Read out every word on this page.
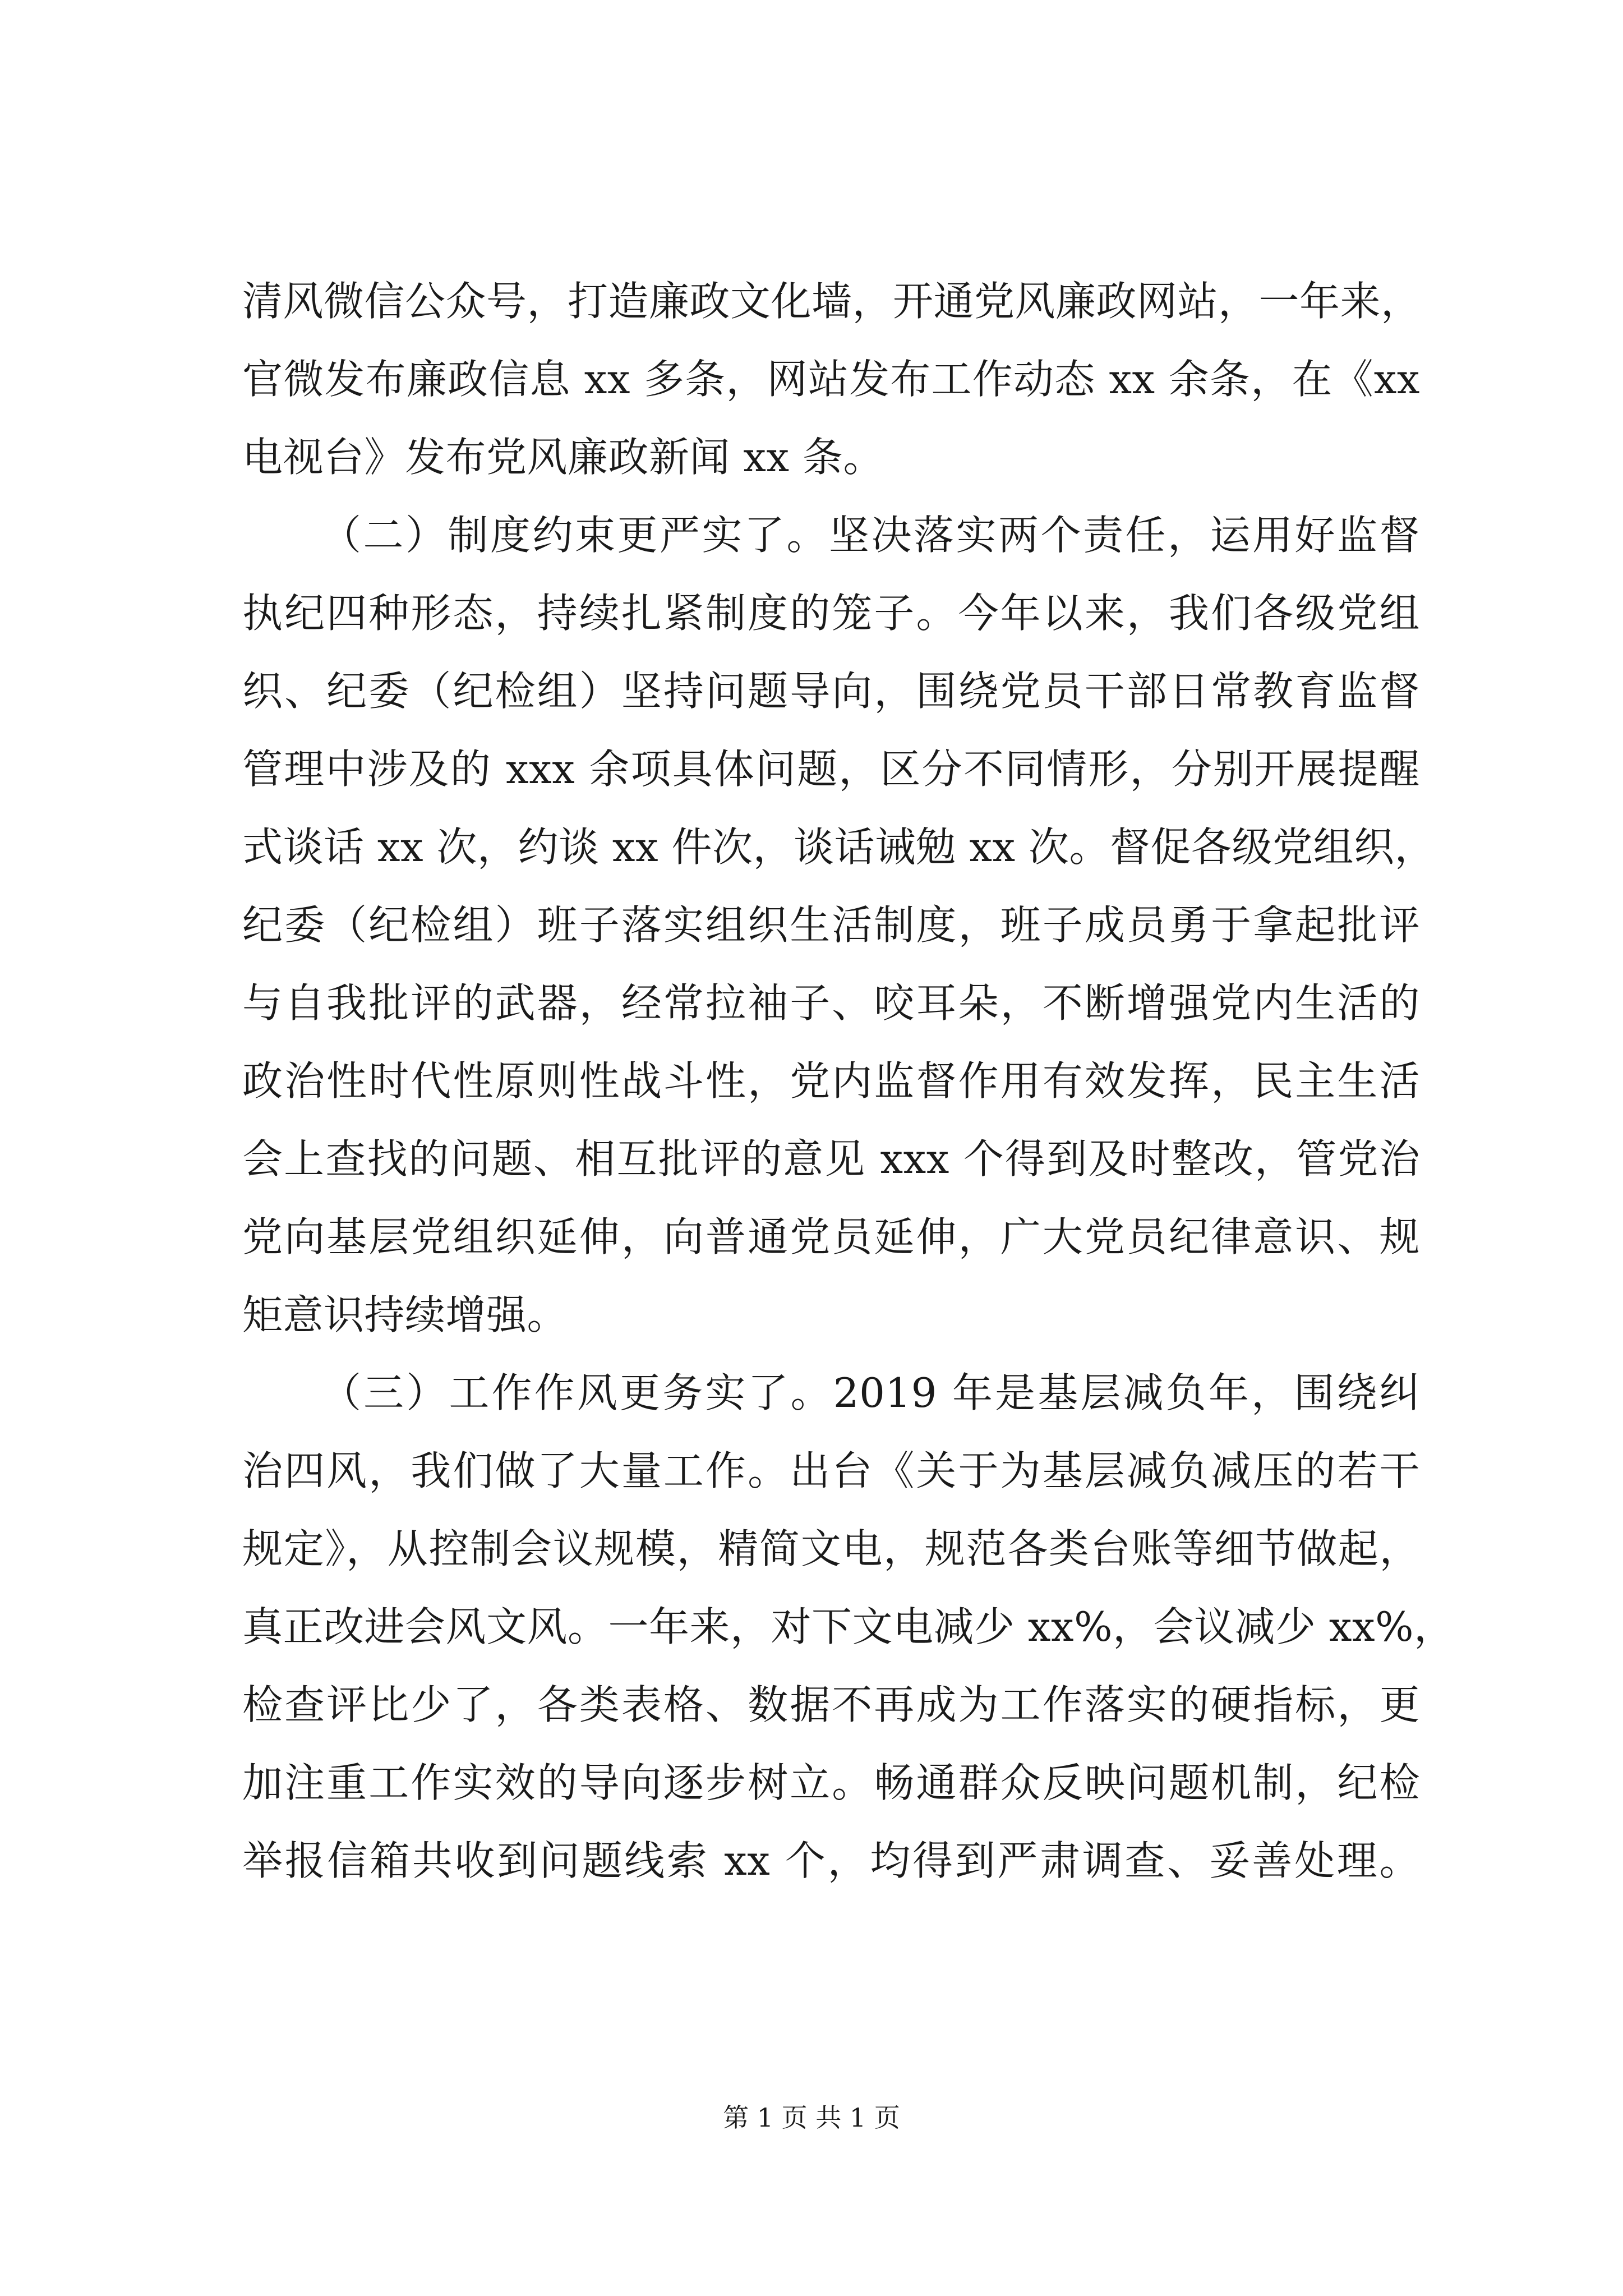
清风微信公众号，打造廉政文化墙，开通党风廉政网站，一年来，
官微发布廉政信息 xx 多条，网站发布工作动态 xx 余条，在《xx
电视台》发布党风廉政新闻 xx 条。
（二）制度约束更严实了。坚决落实两个责任，运用好监督
执纪四种形态，持续扎紧制度的笼子。今年以来，我们各级党组
织、纪委（纪检组）坚持问题导向，围绕党员干部日常教育监督
管理中涉及的 xxx 余项具体问题，区分不同情形，分别开展提醒
式谈话 xx 次，约谈 xx 件次，谈话诫勉 xx 次。督促各级党组织，
纪委（纪检组）班子落实组织生活制度，班子成员勇于拿起批评
与自我批评的武器，经常拉袖子、咬耳朵，不断增强党内生活的
政治性时代性原则性战斗性，党内监督作用有效发挥，民主生活
会上查找的问题、相互批评的意见 xxx 个得到及时整改，管党治
党向基层党组织延伸，向普通党员延伸，广大党员纪律意识、规
矩意识持续增强。
（三）工作作风更务实了。2019 年是基层减负年，围绕纠
治四风，我们做了大量工作。出台《关于为基层减负减压的若干
规定》，从控制会议规模，精简文电，规范各类台账等细节做起，
真正改进会风文风。一年来，对下文电减少 xx%，会议减少 xx%，
检查评比少了，各类表格、数据不再成为工作落实的硬指标，更
加注重工作实效的导向逐步树立。畅通群众反映问题机制，纪检
举报信箱共收到问题线索 xx 个，均得到严肃调查、妥善处理。
第 1 页 共 1 页
